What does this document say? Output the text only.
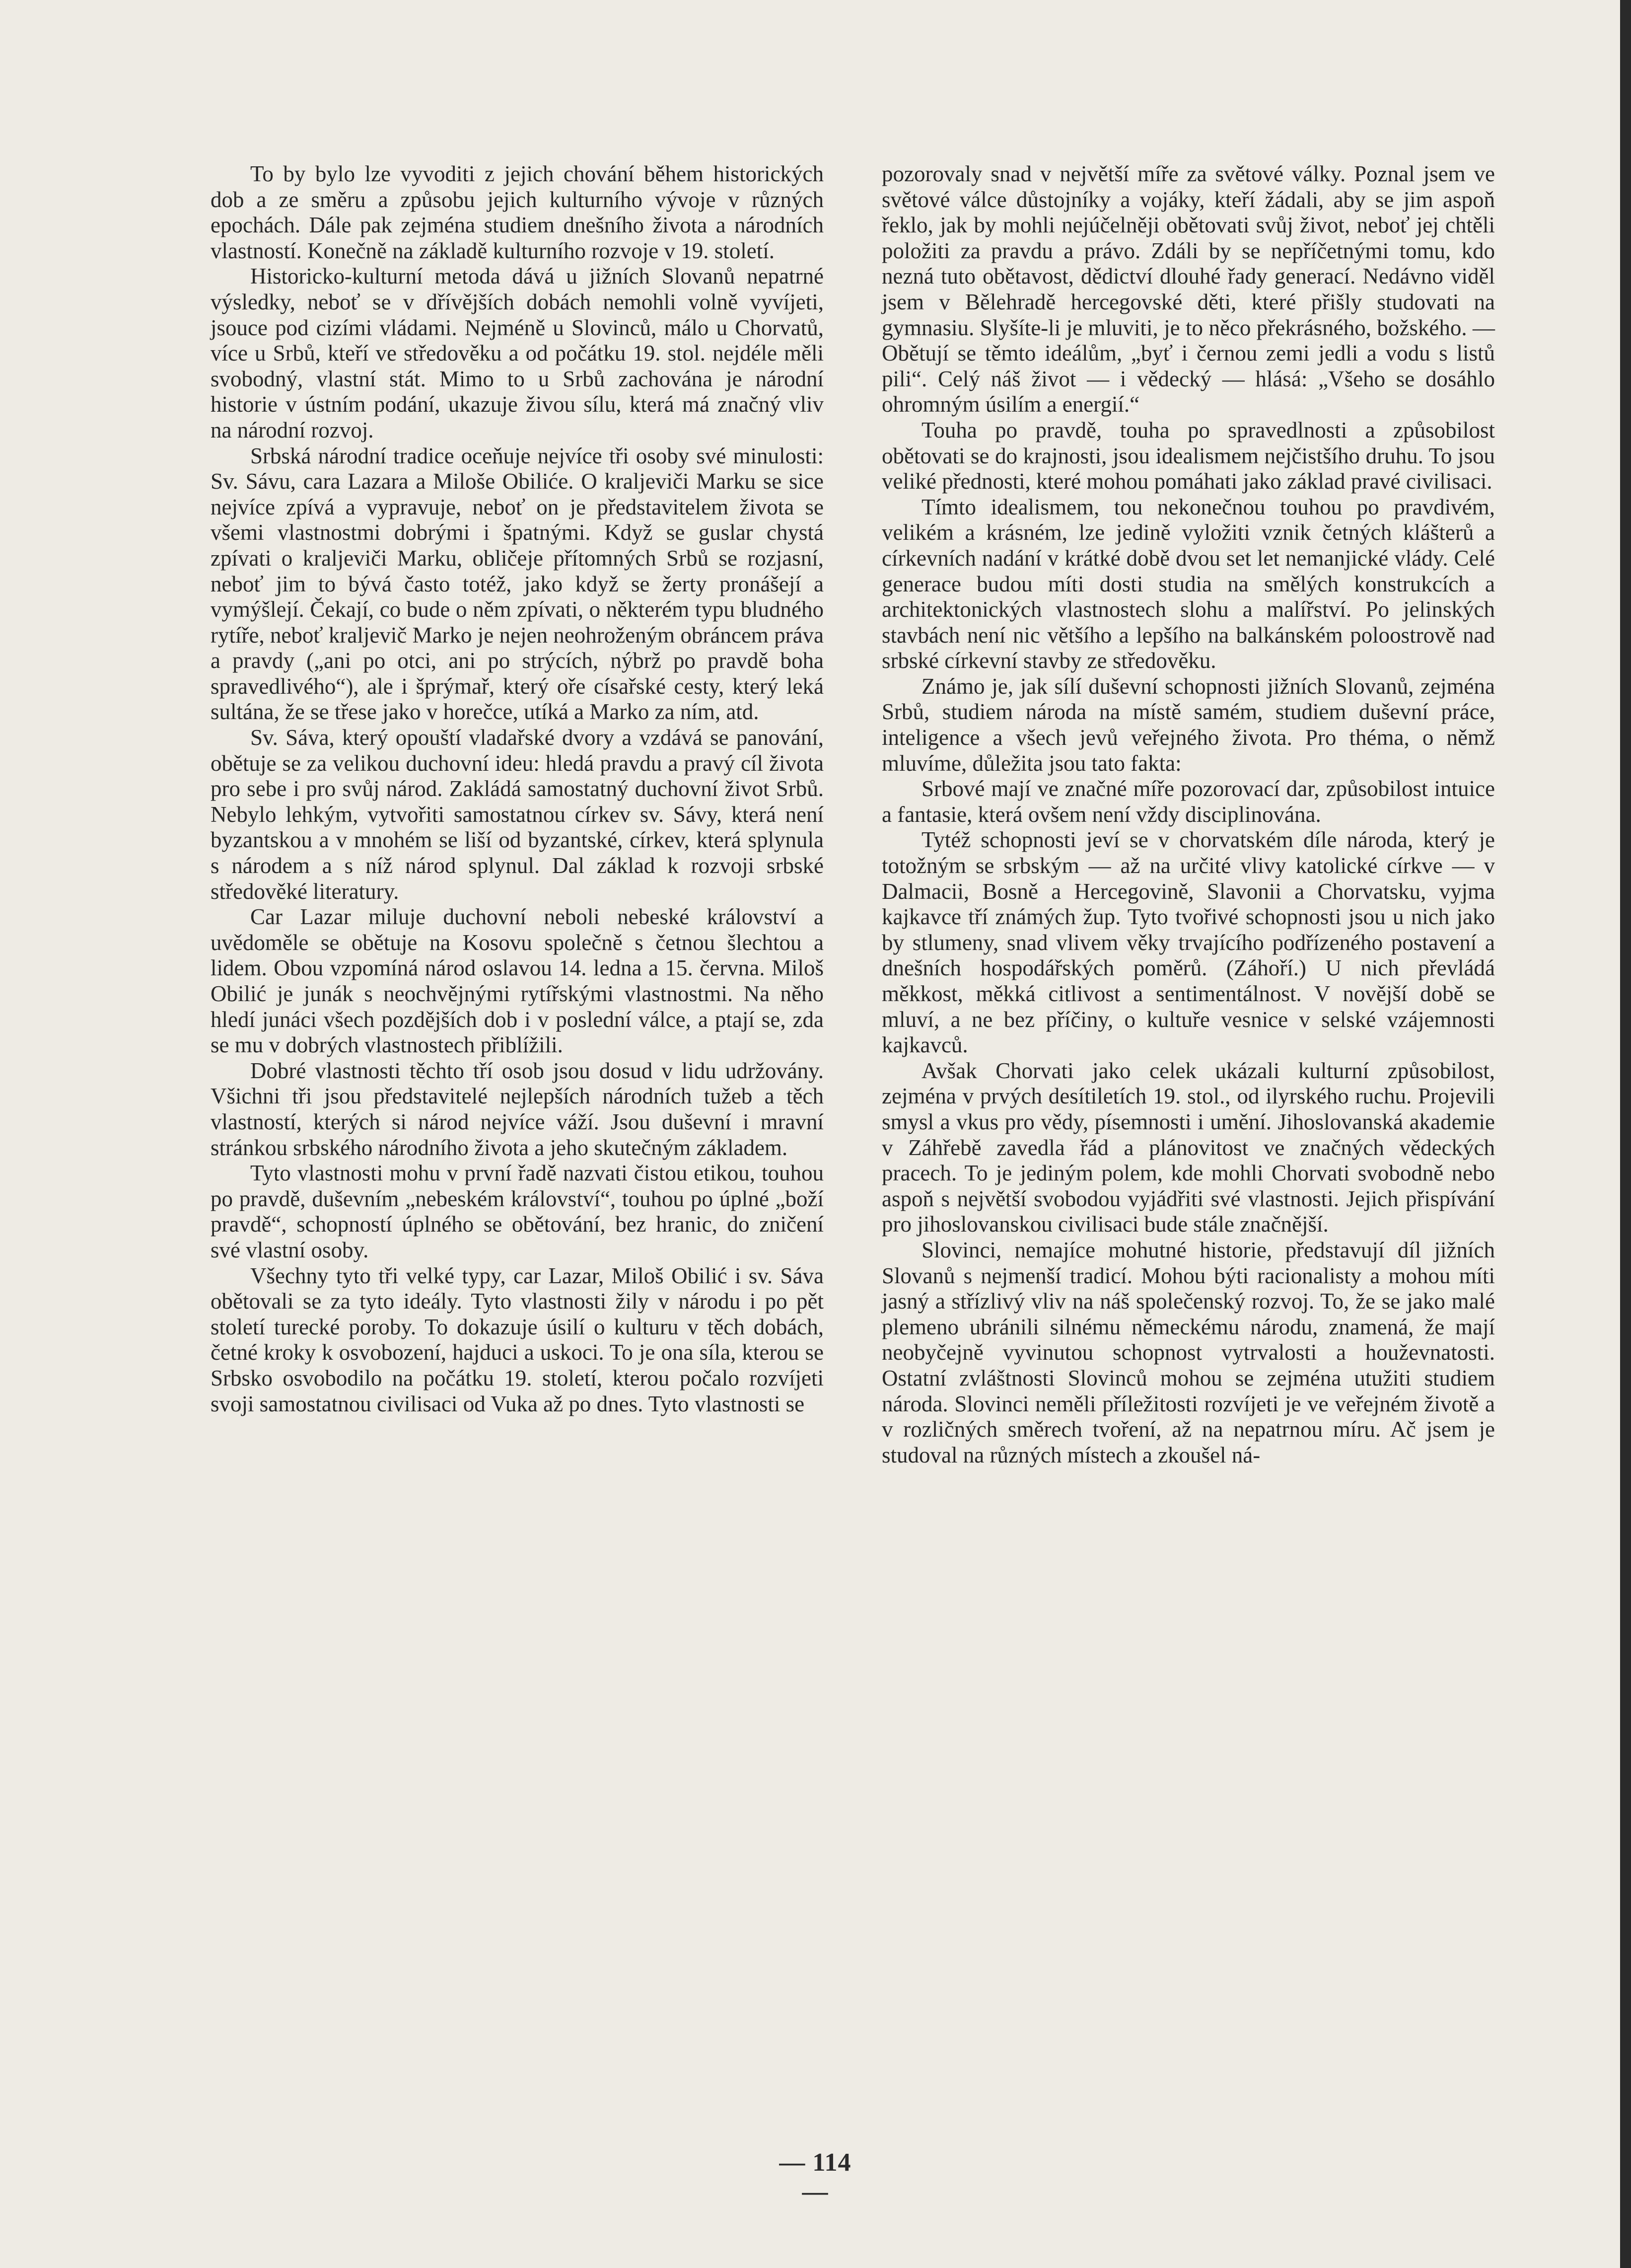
To by bylo lze vyvoditi z jejich chování během historických dob a ze směru a způsobu jejich kulturního vývoje v různých epochách. Dále pak zejména studiem dnešního života a národních vlastností. Konečně na základě kulturního rozvoje v 19. století.

Historicko-kulturní metoda dává u jižních Slovanů nepatrné výsledky, neboť se v dřívějších dobách nemohli volně vyvíjeti, jsouce pod cizími vládami. Nejméně u Slovinců, málo u Chorvatů, více u Srbů, kteří ve středověku a od počátku 19. stol. nejdéle měli svobodný, vlastní stát. Mimo to u Srbů zachována je národní historie v ústním podání, ukazuje živou sílu, která má značný vliv na národní rozvoj.

Srbská národní tradice oceňuje nejvíce tři osoby své minulosti: Sv. Sávu, cara Lazara a Miloše Obiliće. O kraljeviči Marku se sice nejvíce zpívá a vypravuje, neboť on je představitelem života se všemi vlastnostmi dobrými i špatnými. Když se guslar chystá zpívati o kraljeviči Marku, obličeje přítomných Srbů se rozjasní, neboť jim to bývá často totéž, jako když se žerty pronášejí a vymýšlejí. Čekají, co bude o něm zpívati, o některém typu bludného rytíře, neboť kraljevič Marko je nejen neohroženým obráncem práva a pravdy („ani po otci, ani po strýcích, nýbrž po pravdě boha spravedlivého“), ale i šprýmař, který oře císařské cesty, který leká sultána, že se třese jako v horečce, utíká a Marko za ním, atd.

Sv. Sáva, který opouští vladařské dvory a vzdává se panování, obětuje se za velikou duchovní ideu: hledá pravdu a pravý cíl života pro sebe i pro svůj národ. Zakládá samostatný duchovní život Srbů. Nebylo lehkým, vytvořiti samostatnou církev sv. Sávy, která není byzantskou a v mnohém se liší od byzantské, církev, která splynula s národem a s níž národ splynul. Dal základ k rozvoji srbské středověké literatury.

Car Lazar miluje duchovní neboli nebeské království a uvědoměle se obětuje na Kosovu společně s četnou šlechtou a lidem. Obou vzpomíná národ oslavou 14. ledna a 15. června. Miloš Obilić je junák s neochvějnými rytířskými vlastnostmi. Na něho hledí junáci všech pozdějších dob i v poslední válce, a ptají se, zda se mu v dobrých vlastnostech přiblížili.

Dobré vlastnosti těchto tří osob jsou dosud v lidu udržovány. Všichni tři jsou představitelé nejlepších národních tužeb a těch vlastností, kterých si národ nejvíce váží. Jsou duševní i mravní stránkou srbského národního života a jeho skutečným základem.

Tyto vlastnosti mohu v první řadě nazvati čistou etikou, touhou po pravdě, duševním „nebeském království“, touhou po úplné „boží pravdě“, schopností úplného se obětování, bez hranic, do zničení své vlastní osoby.

Všechny tyto tři velké typy, car Lazar, Miloš Obilić i sv. Sáva obětovali se za tyto ideály. Tyto vlastnosti žily v národu i po pět století turecké poroby. To dokazuje úsilí o kulturu v těch dobách, četné kroky k osvobození, hajduci a uskoci. To je ona síla, kterou se Srbsko osvobodilo na počátku 19. století, kterou počalo rozvíjeti svoji samostatnou civilisaci od Vuka až po dnes. Tyto vlastnosti se

pozorovaly snad v největší míře za světové války. Poznal jsem ve světové válce důstojníky a vojáky, kteří žádali, aby se jim aspoň řeklo, jak by mohli nejúčelněji obětovati svůj život, neboť jej chtěli položiti za pravdu a právo. Zdáli by se nepříčetnými tomu, kdo nezná tuto obětavost, dědictví dlouhé řady generací. Nedávno viděl jsem v Bělehradě hercegovské děti, které přišly studovati na gymnasiu. Slyšíte-li je mluviti, je to něco překrásného, božského. — Obětují se těmto ideálům, „byť i černou zemi jedli a vodu s listů pili“. Celý náš život — i vědecký — hlásá: „Všeho se dosáhlo ohromným úsilím a energií.“

Touha po pravdě, touha po spravedlnosti a způsobilost obětovati se do krajnosti, jsou idealismem nejčistšího druhu. To jsou veliké přednosti, které mohou pomáhati jako základ pravé civilisaci.

Tímto idealismem, tou nekonečnou touhou po pravdivém, velikém a krásném, lze jedině vyložiti vznik četných klášterů a církevních nadání v krátké době dvou set let nemanjické vlády. Celé generace budou míti dosti studia na smělých konstrukcích a architektonických vlastnostech slohu a malířství. Po jelinských stavbách není nic většího a lepšího na balkánském poloostrově nad srbské církevní stavby ze středověku.

Známo je, jak sílí duševní schopnosti jižních Slovanů, zejména Srbů, studiem národa na místě samém, studiem duševní práce, inteligence a všech jevů veřejného života. Pro théma, o němž mluvíme, důležita jsou tato fakta:

Srbové mají ve značné míře pozorovací dar, způsobilost intuice a fantasie, která ovšem není vždy disciplinována.

Tytéž schopnosti jeví se v chorvatském díle národa, který je totožným se srbským — až na určité vlivy katolické církve — v Dalmacii, Bosně a Hercegovině, Slavonii a Chorvatsku, vyjma kajkavce tří známých žup. Tyto tvořivé schopnosti jsou u nich jako by stlumeny, snad vlivem věky trvajícího podřízeného postavení a dnešních hospodářských poměrů. (Záhoří.) U nich převládá měkkost, měkká citlivost a sentimentálnost. V novější době se mluví, a ne bez příčiny, o kultuře vesnice v selské vzájemnosti kajkavců.

Avšak Chorvati jako celek ukázali kulturní způsobilost, zejména v prvých desítiletích 19. stol., od ilyrského ruchu. Projevili smysl a vkus pro vědy, písemnosti i umění. Jihoslovanská akademie v Záhřebě zavedla řád a plánovitost ve značných vědeckých pracech. To je jediným polem, kde mohli Chorvati svobodně nebo aspoň s největší svobodou vyjádřiti své vlastnosti. Jejich přispívání pro jihoslovanskou civilisaci bude stále značnější.

Slovinci, nemajíce mohutné historie, představují díl jižních Slovanů s nejmenší tradicí. Mohou býti racionalisty a mohou míti jasný a střízlivý vliv na náš společenský rozvoj. To, že se jako malé plemeno ubránili silnému německému národu, znamená, že mají neobyčejně vyvinutou schopnost vytrvalosti a houževnatosti. Ostatní zvláštnosti Slovinců mohou se zejména utužiti studiem národa. Slovinci neměli příležitosti rozvíjeti je ve veřejném životě a v rozličných směrech tvoření, až na nepatrnou míru. Ač jsem je studoval na různých místech a zkoušel ná-

— 114 —
